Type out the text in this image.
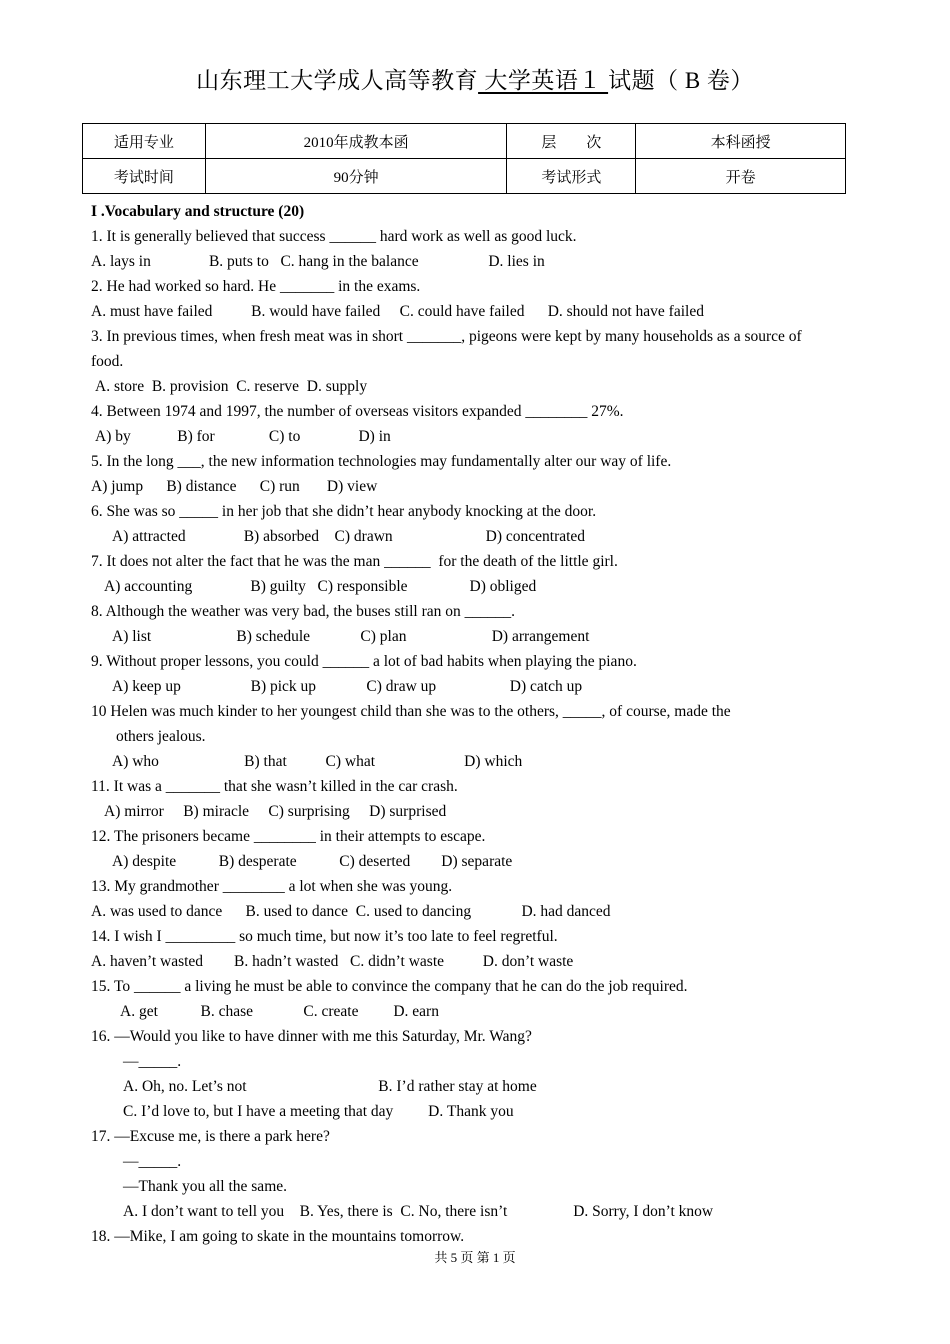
山东理工大学成人高等教育 大学英语１ 试题（ B 卷）
适用专业	2010年成教本函	层　　次	本科函授
考试时间	90分钟	考试形式	开卷
I .Vocabulary and structure (20)
1. It is generally believed that success ______ hard work as well as good luck.
A. lays in               B. puts to   C. hang in the balance                  D. lies in
2. He had worked so hard. He _______ in the exams.
A. must have failed          B. would have failed     C. could have failed      D. should not have failed
3. In previous times, when fresh meat was in short _______, pigeons were kept by many households as a source of
food.
A. store  B. provision  C. reserve  D. supply
4. Between 1974 and 1997, the number of overseas visitors expanded ________ 27%.
A) by            B) for              C) to               D) in
5. In the long ___, the new information technologies may fundamentally alter our way of life.
A) jump      B) distance      C) run       D) view
6. She was so _____ in her job that she didn’t hear anybody knocking at the door.
A) attracted               B) absorbed    C) drawn                        D) concentrated
7. It does not alter the fact that he was the man ______  for the death of the little girl.
A) accounting               B) guilty   C) responsible                D) obliged
8. Although the weather was very bad, the buses still ran on ______.
A) list                      B) schedule             C) plan                      D) arrangement
9. Without proper lessons, you could ______ a lot of bad habits when playing the piano.
A) keep up                  B) pick up             C) draw up                   D) catch up
10 Helen was much kinder to her youngest child than she was to the others, _____, of course, made the
others jealous.
A) who                      B) that          C) what                       D) which
11. It was a _______ that she wasn’t killed in the car crash.
A) mirror     B) miracle     C) surprising     D) surprised
12. The prisoners became ________ in their attempts to escape.
A) despite           B) desperate           C) deserted        D) separate
13. My grandmother ________ a lot when she was young.
A. was used to dance      B. used to dance  C. used to dancing             D. had danced
14. I wish I _________ so much time, but now it’s too late to feel regretful.
A. haven’t wasted        B. hadn’t wasted   C. didn’t waste          D. don’t waste
15. To ______ a living he must be able to convince the company that he can do the job required.
A. get           B. chase             C. create         D. earn
16. —Would you like to have dinner with me this Saturday, Mr. Wang?
—_____.
A. Oh, no. Let’s not                                  B. I’d rather stay at home
C. I’d love to, but I have a meeting that day         D. Thank you
17. —Excuse me, is there a park here?
—_____.
—Thank you all the same.
A. I don’t want to tell you    B. Yes, there is  C. No, there isn’t                 D. Sorry, I don’t know
18. —Mike, I am going to skate in the mountains tomorrow.
共 5 页 第 1 页
